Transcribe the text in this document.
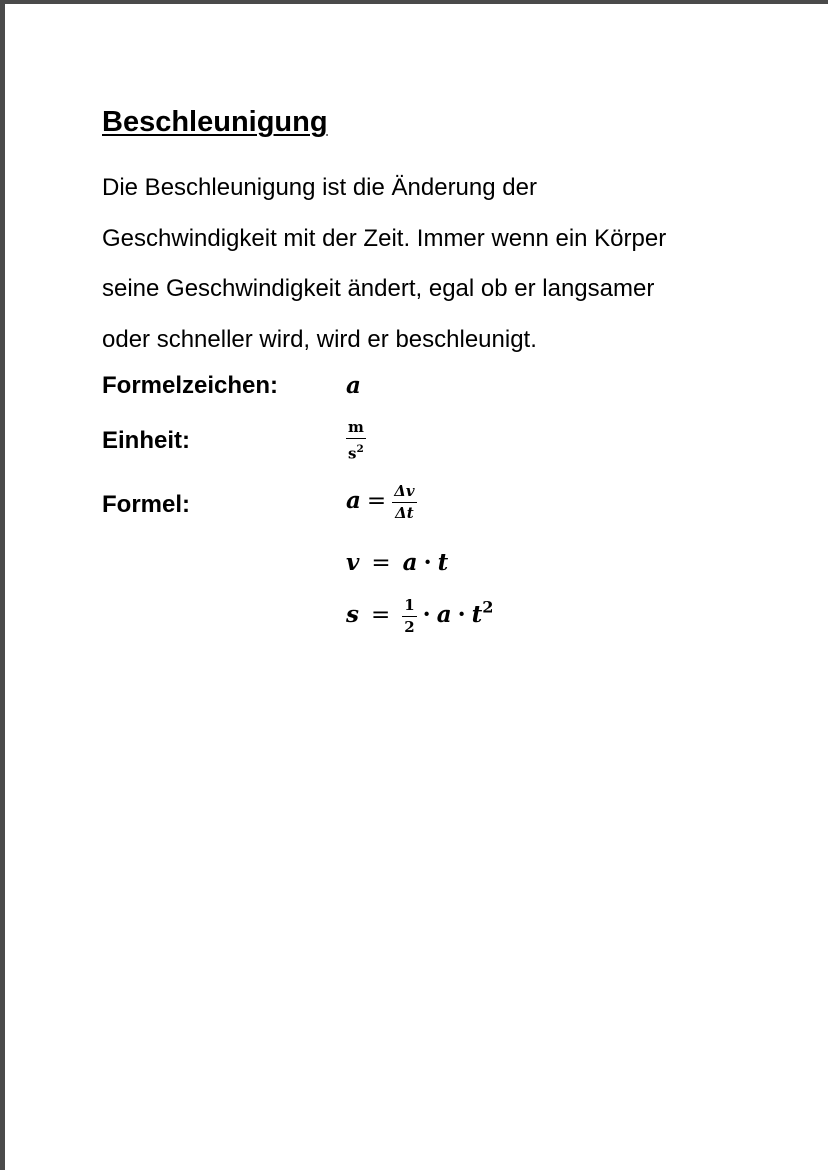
Beschleunigung
Die Beschleunigung ist die Änderung der
Geschwindigkeit mit der Zeit. Immer wenn ein Körper
seine Geschwindigkeit ändert, egal ob er langsamer
oder schneller wird, wird er beschleunigt.
Formelzeichen:	a
Einheit:	$\frac{m}{s^2}$
Formel:	$a = \frac{\Delta v}{\Delta t}$
v = a · t
$s = \frac{1}{2} \cdot a \cdot t^2$
